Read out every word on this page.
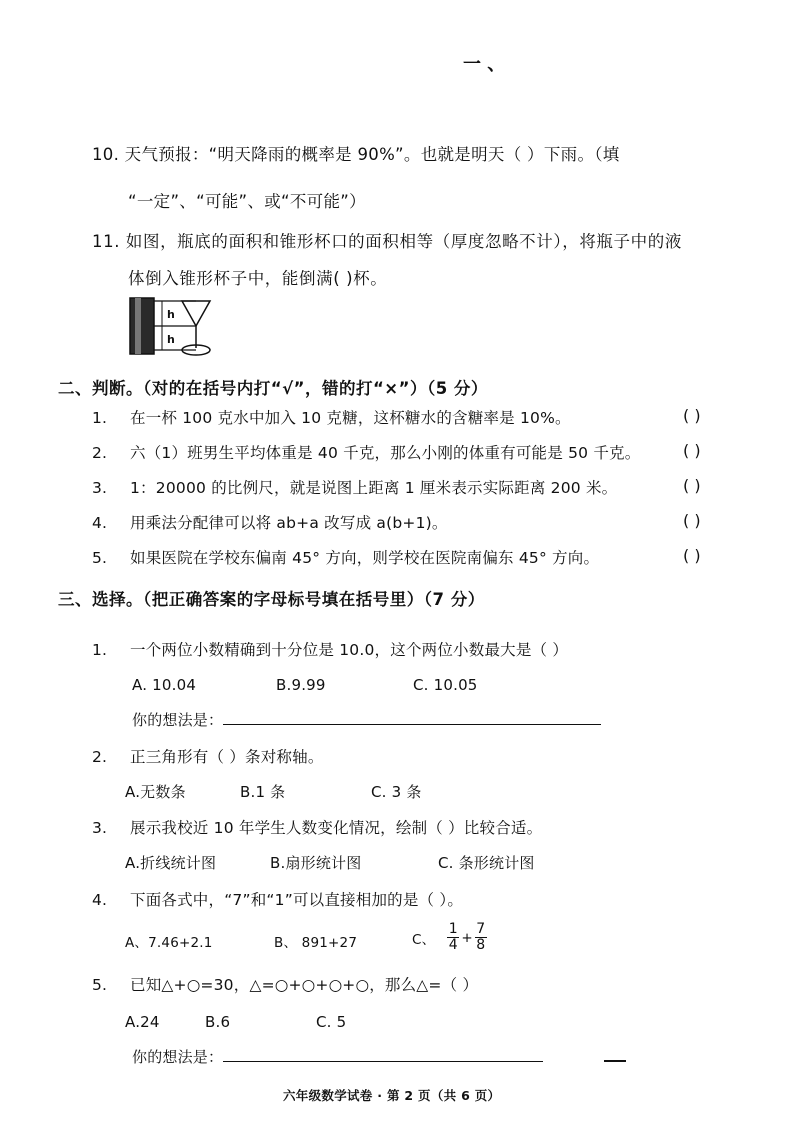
一 、
10. 天气预报：“明天降雨的概率是 90%”。也就是明天（ ）下雨。（填
“一定”、“可能”、或“不可能”）
11. 如图，瓶底的面积和锥形杯口的面积相等（厚度忽略不计），将瓶子中的液
体倒入锥形杯子中，能倒满( )杯。
h
h
二、判断。（对的在括号内打“√”，错的打“×”）（5 分）
1. 在一杯 100 克水中加入 10 克糖，这杯糖水的含糖率是 10%。	( )
2. 六（1）班男生平均体重是 40 千克，那么小刚的体重有可能是 50 千克。	( )
3. 1：20000 的比例尺，就是说图上距离 1 厘米表示实际距离 200 米。	( )
4. 用乘法分配律可以将 ab+a 改写成 a(b+1)。	( )
5. 如果医院在学校东偏南 45° 方向，则学校在医院南偏东 45° 方向。	( )
三、选择。（把正确答案的字母标号填在括号里）（7 分）
1. 一个两位小数精确到十分位是 10.0，这个两位小数最大是（ ）
A. 10.04	B.9.99	C. 10.05
你的想法是：
2. 正三角形有（ ）条对称轴。
A.无数条	B.1 条	C. 3 条
3. 展示我校近 10 年学生人数变化情况，绘制（ ）比较合适。
A.折线统计图	B.扇形统计图	C. 条形统计图
4. 下面各式中，“7”和“1”可以直接相加的是（ ）。
A、7.46+2.1	B、 891+27	C、 $\frac{1}{4} + \frac{7}{8}$
5. 已知△+○=30，△=○+○+○+○，那么△=（ ）
A.24	B.6	C. 5
你的想法是：
六年级数学试卷 · 第 2 页（共 6 页）
